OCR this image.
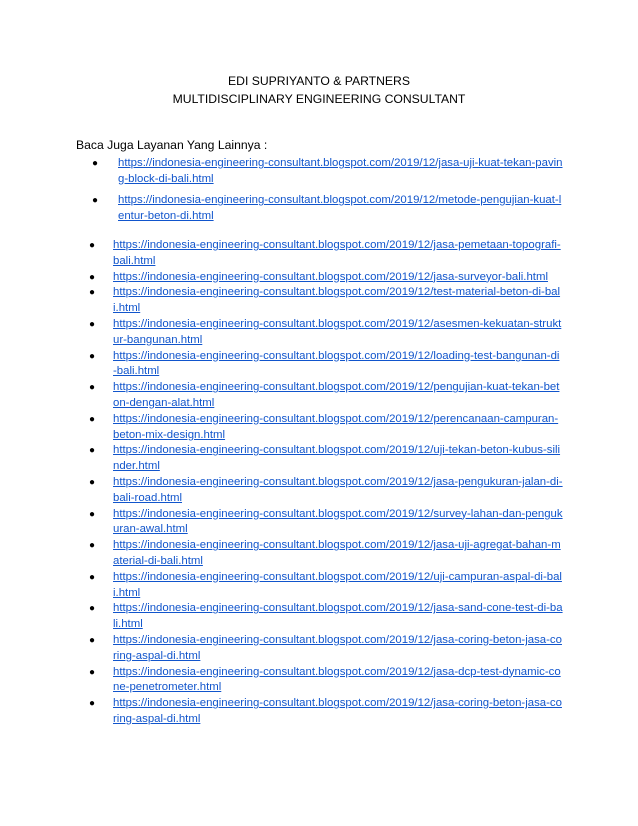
EDI SUPRIYANTO & PARTNERS
MULTIDISCIPLINARY ENGINEERING CONSULTANT
Baca Juga Layanan Yang Lainnya :
● https://indonesia-engineering-consultant.blogspot.com/2019/12/jasa-uji-kuat-tekan-paving-block-di-bali.html
● https://indonesia-engineering-consultant.blogspot.com/2019/12/metode-pengujian-kuat-lentur-beton-di.html
● https://indonesia-engineering-consultant.blogspot.com/2019/12/jasa-pemetaan-topografi-bali.html
● https://indonesia-engineering-consultant.blogspot.com/2019/12/jasa-surveyor-bali.html
● https://indonesia-engineering-consultant.blogspot.com/2019/12/test-material-beton-di-bali.html
● https://indonesia-engineering-consultant.blogspot.com/2019/12/asesmen-kekuatan-struktur-bangunan.html
● https://indonesia-engineering-consultant.blogspot.com/2019/12/loading-test-bangunan-di-bali.html
● https://indonesia-engineering-consultant.blogspot.com/2019/12/pengujian-kuat-tekan-beton-dengan-alat.html
● https://indonesia-engineering-consultant.blogspot.com/2019/12/perencanaan-campuran-beton-mix-design.html
● https://indonesia-engineering-consultant.blogspot.com/2019/12/uji-tekan-beton-kubus-silinder.html
● https://indonesia-engineering-consultant.blogspot.com/2019/12/jasa-pengukuran-jalan-di-bali-road.html
● https://indonesia-engineering-consultant.blogspot.com/2019/12/survey-lahan-dan-pengukuran-awal.html
● https://indonesia-engineering-consultant.blogspot.com/2019/12/jasa-uji-agregat-bahan-material-di-bali.html
● https://indonesia-engineering-consultant.blogspot.com/2019/12/uji-campuran-aspal-di-bali.html
● https://indonesia-engineering-consultant.blogspot.com/2019/12/jasa-sand-cone-test-di-bali.html
● https://indonesia-engineering-consultant.blogspot.com/2019/12/jasa-coring-beton-jasa-coring-aspal-di.html
● https://indonesia-engineering-consultant.blogspot.com/2019/12/jasa-dcp-test-dynamic-cone-penetrometer.html
● https://indonesia-engineering-consultant.blogspot.com/2019/12/jasa-coring-beton-jasa-coring-aspal-di.html
